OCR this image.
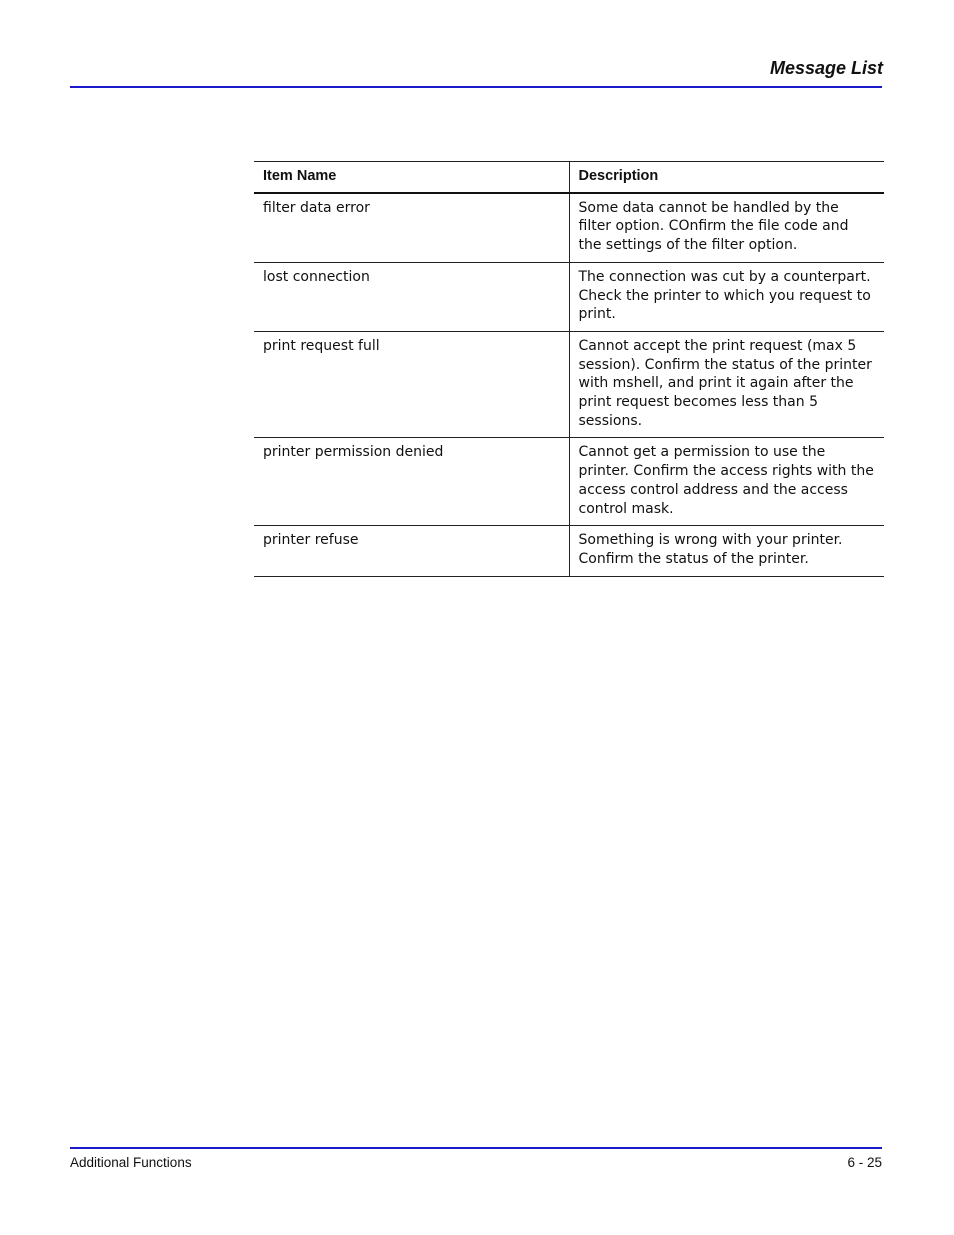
Message List
Item Name	Description
filter data error	Some data cannot be handled by the filter option. COnfirm the file code and the settings of the filter option.
lost connection	The connection was cut by a counterpart. Check the printer to which you request to print.
print request full	Cannot accept the print request (max 5 session). Confirm the status of the printer with mshell, and print it again after the print request becomes less than 5 sessions.
printer permission denied	Cannot get a permission to use the printer. Confirm the access rights with the access control address and the access control mask.
printer refuse	Something is wrong with your printer. Confirm the status of the printer.
Additional Functions	6 - 25
